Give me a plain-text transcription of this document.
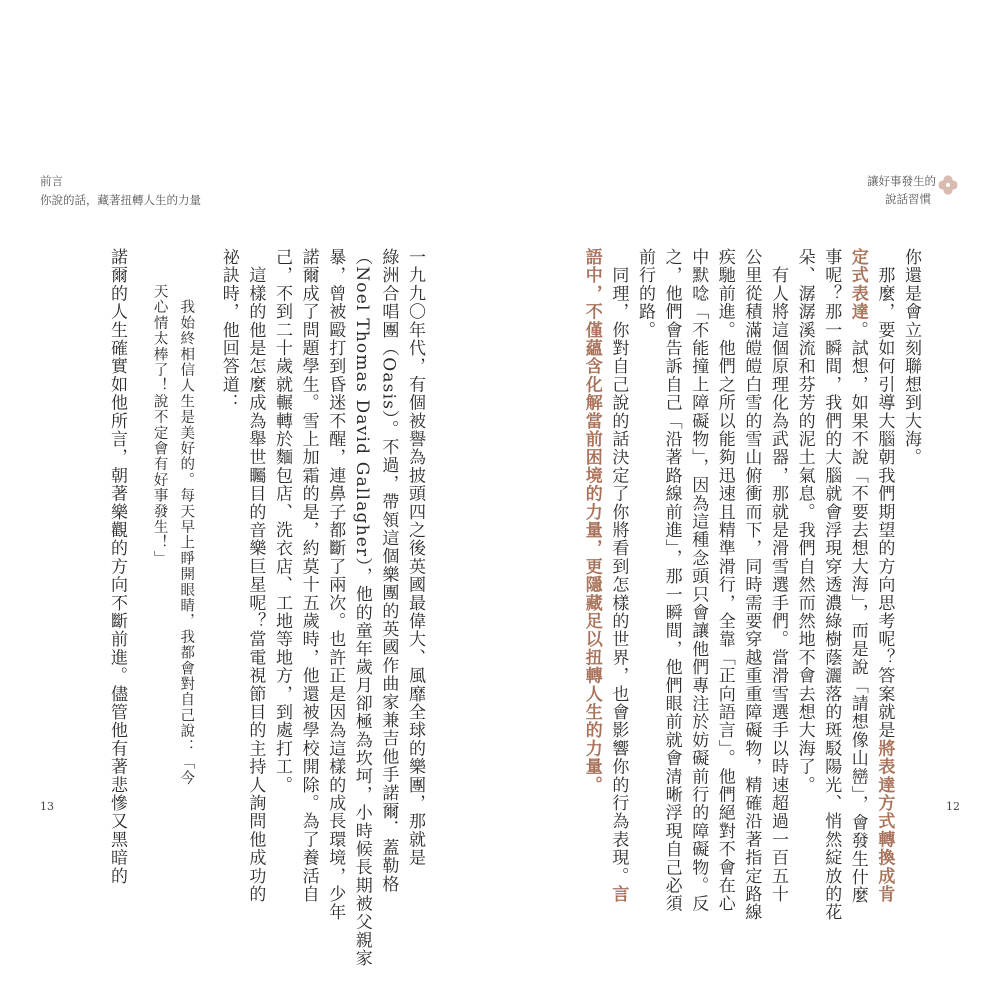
前言
你說的話，藏著扭轉人生的力量
一九九〇年代，有個被譽為披頭四之後英國最偉大、風靡全球的樂團，那就是
綠洲合唱團（Oasis）。不過，帶領這個樂團的英國作曲家兼吉他手諾爾．蓋勒格
（Noel Thomas David Gallagher），他的童年歲月卻極為坎坷，小時候長期被父親家
暴，曾被毆打到昏迷不醒，連鼻子都斷了兩次。也許正是因為這樣的成長環境，少年
諾爾成了問題學生。雪上加霜的是，約莫十五歲時，他還被學校開除。為了養活自
己，不到二十歲就輾轉於麵包店、洗衣店、工地等地方，到處打工。
　這樣的他是怎麼成為舉世矚目的音樂巨星呢？當電視節目的主持人詢問他成功的
祕訣時，他回答道：
　　我始終相信人生是美好的。每天早上睜開眼睛，我都會對自己說：「今
　天心情太棒了！說不定會有好事發生！」
諾爾的人生確實如他所言，朝著樂觀的方向不斷前進。儘管他有著悲慘又黑暗的
13
讓好事發生的
說話習慣
你還是會立刻聯想到大海。
　那麼，要如何引導大腦朝我們期望的方向思考呢？答案就是將表達方式轉換成肯
定式表達。試想，如果不說「不要去想大海」，而是說「請想像山巒」，會發生什麼
事呢？那一瞬間，我們的大腦就會浮現穿透濃綠樹蔭灑落的斑駁陽光、悄然綻放的花
朵、潺潺溪流和芬芳的泥土氣息。我們自然而然地不會去想大海了。
　有人將這個原理化為武器，那就是滑雪選手們。當滑雪選手以時速超過一百五十
公里從積滿皚皚白雪的雪山俯衝而下，同時需要穿越重重障礙物，精確沿著指定路線
疾馳前進。他們之所以能夠迅速且精準滑行，全靠「正向語言」。他們絕對不會在心
中默唸「不能撞上障礙物」，因為這種念頭只會讓他們專注於妨礙前行的障礙物。反
之，他們會告訴自己「沿著路線前進」，那一瞬間，他們眼前就會清晰浮現自己必須
前行的路。
　同理，你對自己說的話決定了你將看到怎樣的世界，也會影響你的行為表現。言
語中，不僅蘊含化解當前困境的力量，更隱藏足以扭轉人生的力量。
12
